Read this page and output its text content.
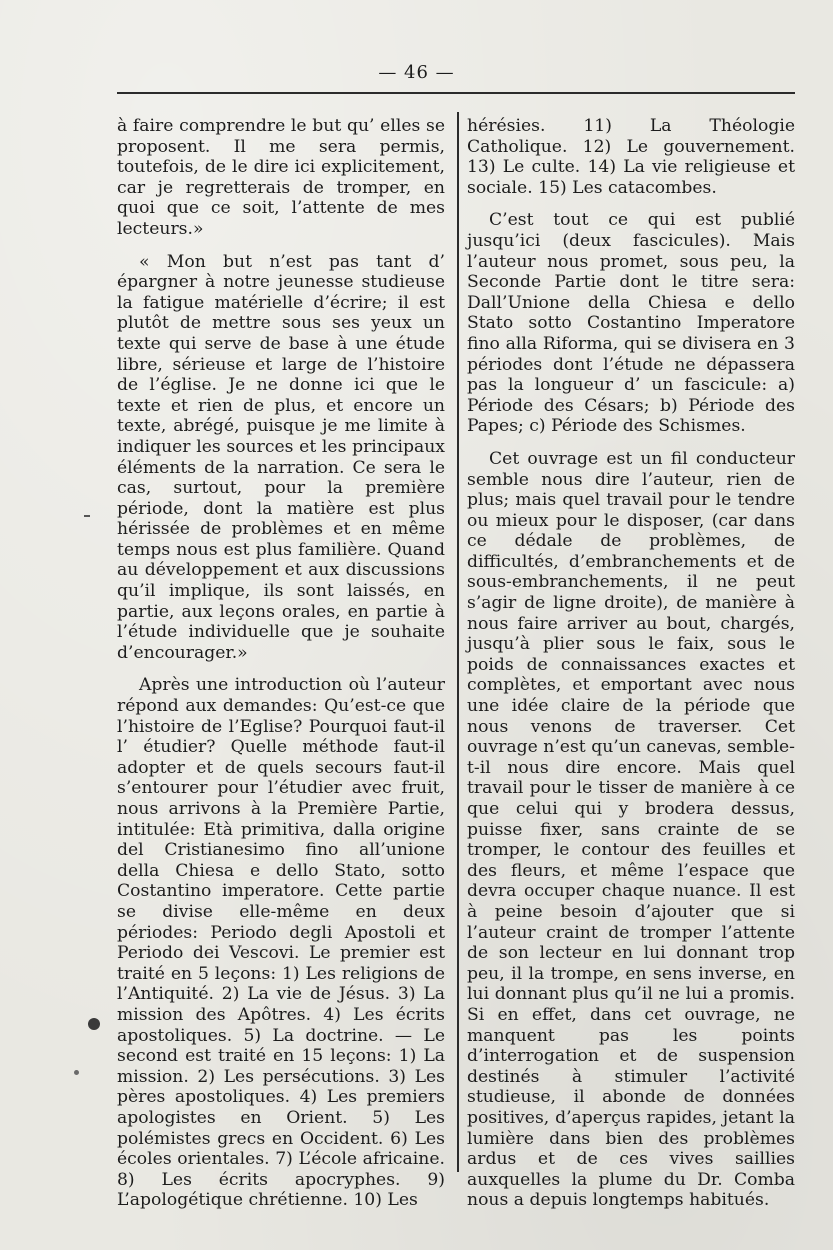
— 46 —

à faire comprendre le but qu’ elles se proposent. Il me sera permis, toutefois, de le dire ici explicitement, car je regretterais de tromper, en quoi que ce soit, l’attente de mes lecteurs.»

« Mon but n’est pas tant d’ épargner à notre jeunesse studieuse la fatigue matérielle d’écrire; il est plutôt de mettre sous ses yeux un texte qui serve de base à une étude libre, sérieuse et large de l’histoire de l’église. Je ne donne ici que le texte et rien de plus, et encore un texte, abrégé, puisque je me limite à indiquer les sources et les principaux éléments de la narration. Ce sera le cas, surtout, pour la première période, dont la matière est plus hérissée de problèmes et en même temps nous est plus familière. Quand au développement et aux discussions qu’il implique, ils sont laissés, en partie, aux leçons orales, en partie à l’étude individuelle que je souhaite d’encourager.»

Après une introduction où l’auteur répond aux demandes: Qu’est-ce que l’histoire de l’Eglise? Pourquoi faut-il l’ étudier? Quelle méthode faut-il adopter et de quels secours faut-il s’entourer pour l’étudier avec fruit, nous arrivons à la Première Partie, intitulée: Età primitiva, dalla origine del Cristianesimo fino all’unione della Chiesa e dello Stato, sotto Costantino imperatore. Cette partie se divise elle-même en deux périodes: Periodo degli Apostoli et Periodo dei Vescovi. Le premier est traité en 5 leçons: 1) Les religions de l’Antiquité. 2) La vie de Jésus. 3) La mission des Apôtres. 4) Les écrits apostoliques. 5) La doctrine. — Le second est traité en 15 leçons: 1) La mission. 2) Les persécutions. 3) Les pères apostoliques. 4) Les premiers apologistes en Orient. 5) Les polémistes grecs en Occident. 6) Les écoles orientales. 7) L’école africaine. 8) Les écrits apocryphes. 9) L’apologétique chrétienne. 10) Les

hérésies. 11) La Théologie Catholique. 12) Le gouvernement. 13) Le culte. 14) La vie religieuse et sociale. 15) Les catacombes.

C’est tout ce qui est publié jusqu’ici (deux fascicules). Mais l’auteur nous promet, sous peu, la Seconde Partie dont le titre sera: Dall’Unione della Chiesa e dello Stato sotto Costantino Imperatore fino alla Riforma, qui se divisera en 3 périodes dont l’étude ne dépassera pas la longueur d’ un fascicule: a) Période des Césars; b) Période des Papes; c) Période des Schismes.

Cet ouvrage est un fil conducteur semble nous dire l’auteur, rien de plus; mais quel travail pour le tendre ou mieux pour le disposer, (car dans ce dédale de problèmes, de difficultés, d’embranchements et de sous-embranchements, il ne peut s’agir de ligne droite), de manière à nous faire arriver au bout, chargés, jusqu’à plier sous le faix, sous le poids de connaissances exactes et complètes, et emportant avec nous une idée claire de la période que nous venons de traverser. Cet ouvrage n’est qu’un canevas, semble-t-il nous dire encore. Mais quel travail pour le tisser de manière à ce que celui qui y brodera dessus, puisse fixer, sans crainte de se tromper, le contour des feuilles et des fleurs, et même l’espace que devra occuper chaque nuance. Il est à peine besoin d’ajouter que si l’auteur craint de tromper l’attente de son lecteur en lui donnant trop peu, il la trompe, en sens inverse, en lui donnant plus qu’il ne lui a promis. Si en effet, dans cet ouvrage, ne manquent pas les points d’interrogation et de suspension destinés à stimuler l’activité studieuse, il abonde de données positives, d’aperçus rapides, jetant la lumière dans bien des problèmes ardus et de ces vives saillies auxquelles la plume du Dr. Comba nous a depuis longtemps habitués.
